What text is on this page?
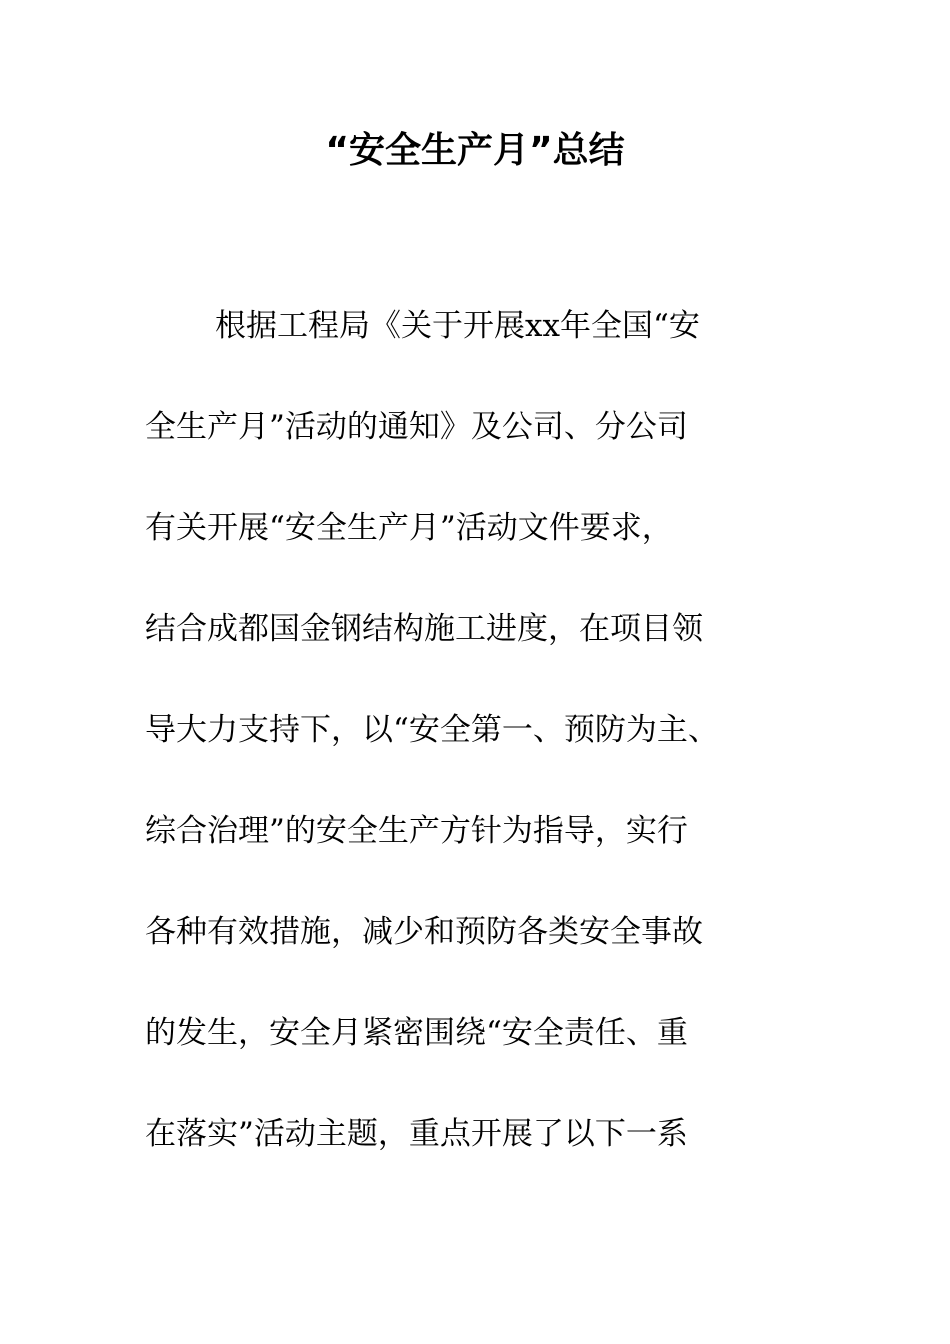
“安全生产月”总结
根据工程局《关于开展xx年全国“安
全生产月”活动的通知》及公司、分公司
有关开展“安全生产月”活动文件要求，
结合成都国金钢结构施工进度，在项目领
导大力支持下，以“安全第一、预防为主、
综合治理”的安全生产方针为指导，实行
各种有效措施，减少和预防各类安全事故
的发生，安全月紧密围绕“安全责任、重
在落实”活动主题，重点开展了以下一系
